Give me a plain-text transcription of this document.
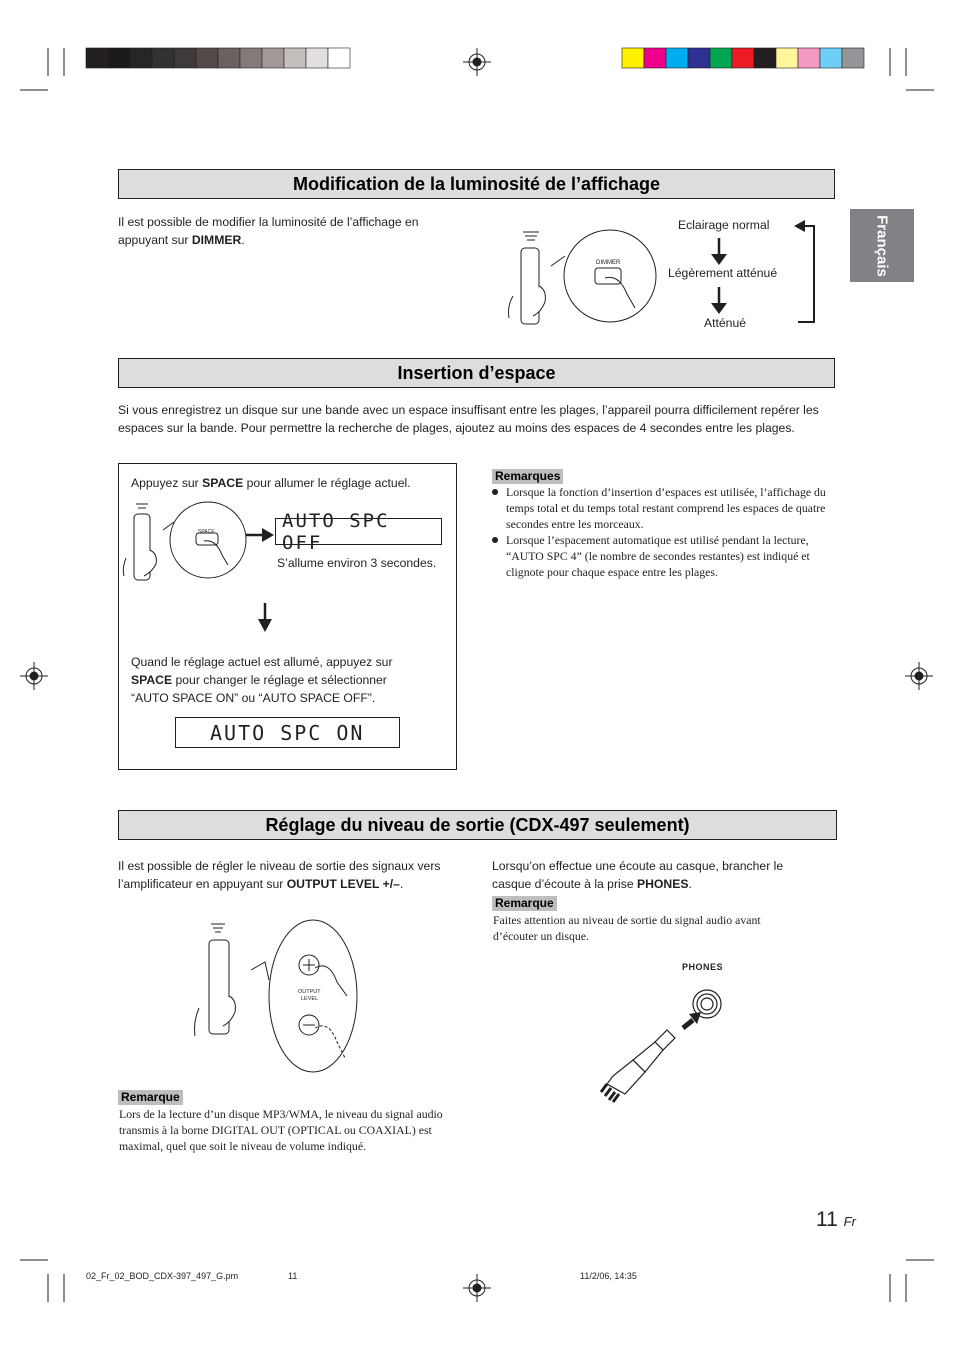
Français
Modification de la luminosité de l’affichage
Il est possible de modifier la luminosité de l’affichage en appuyant sur DIMMER.
DIMMER
Eclairage normal
Légèrement atténué
Atténué
Insertion d’espace
Si vous enregistrez un disque sur une bande avec un espace insuffisant entre les plages, l’appareil pourra difficilement repérer les espaces sur la bande. Pour permettre la recherche de plages, ajoutez au moins des espaces de 4 secondes entre les plages.
Appuyez sur SPACE pour allumer le réglage actuel.
SPACE
AUTO SPC OFF
S’allume environ 3 secondes.
Quand le réglage actuel est allumé, appuyez sur SPACE pour changer le réglage et sélectionner “AUTO SPACE ON” ou “AUTO SPACE OFF”.
AUTO SPC ON
Remarques
Lorsque la fonction d’insertion d’espaces est utilisée, l’affichage du temps total et du temps total restant comprend les espaces de quatre secondes entre les morceaux.
Lorsque l’espacement automatique est utilisé pendant la lecture, “AUTO SPC 4” (le nombre de secondes restantes) est indiqué et clignote pour chaque espace entre les plages.
Réglage du niveau de sortie (CDX-497 seulement)
Il est possible de régler le niveau de sortie des signaux vers l’amplificateur en appuyant sur OUTPUT LEVEL +/–.
OUTPUT
LEVEL
Remarque
Lors de la lecture d’un disque MP3/WMA, le niveau du signal audio transmis à la borne DIGITAL OUT (OPTICAL ou COAXIAL) est maximal, quel que soit le niveau de volume indiqué.
Lorsqu’on effectue une écoute au casque, brancher le casque d’écoute à la prise PHONES.
Remarque
Faites attention au niveau de sortie du signal audio avant d’écouter un disque.
PHONES
11 Fr
02_Fr_02_BOD_CDX-397_497_G.pm	11	11/2/06, 14:35
